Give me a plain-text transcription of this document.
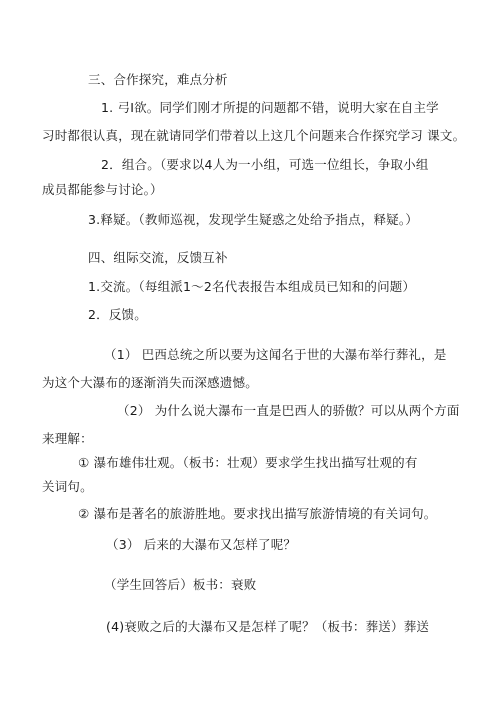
三、合作探究，难点分析
1. 弓I欲。同学们刚才所提的问题都不错，说明大家在自主学
习时都很认真，现在就请同学们带着以上这几个问题来合作探究学习 课文。
2．组合。（要求以4人为一小组，可选一位组长，争取小组
成员都能参与讨论。）
3.释疑。（教师巡视，发现学生疑惑之处给予指点，释疑。）
四、组际交流，反馈互补
1.交流。（每组派1～2名代表报告本组成员已知和的问题）
2．反馈。
（1） 巴西总统之所以要为这闻名于世的大瀑布举行葬礼，是
为这个大瀑布的逐渐消失而深感遗憾。
（2） 为什么说大瀑布一直是巴西人的骄傲？可以从两个方面
来理解：
① 瀑布雄伟壮观。（板书：壮观）要求学生找出描写壮观的有
关词句。
② 瀑布是著名的旅游胜地。要求找出描写旅游情境的有关词句。
（3） 后来的大瀑布又怎样了呢？
（学生回答后）板书：衰败
(4)衰败之后的大瀑布又是怎样了呢？（板书：葬送）葬送
